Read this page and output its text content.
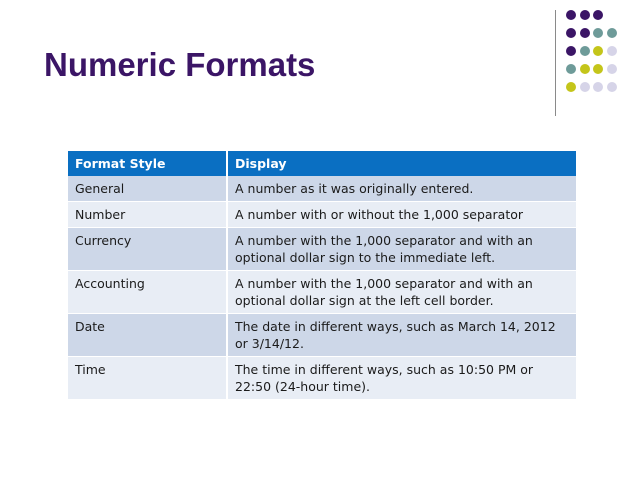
Numeric Formats
Format Style	Display
General	A number as it was originally entered.
Number	A number with or without the 1,000 separator
Currency	A number with the 1,000 separator and with an optional dollar sign to the immediate left.
Accounting	A number with the 1,000 separator and with an optional dollar sign at the left cell border.
Date	The date in different ways, such as March 14, 2012 or 3/14/12.
Time	The time in different ways, such as 10:50 PM or 22:50 (24-hour time).
